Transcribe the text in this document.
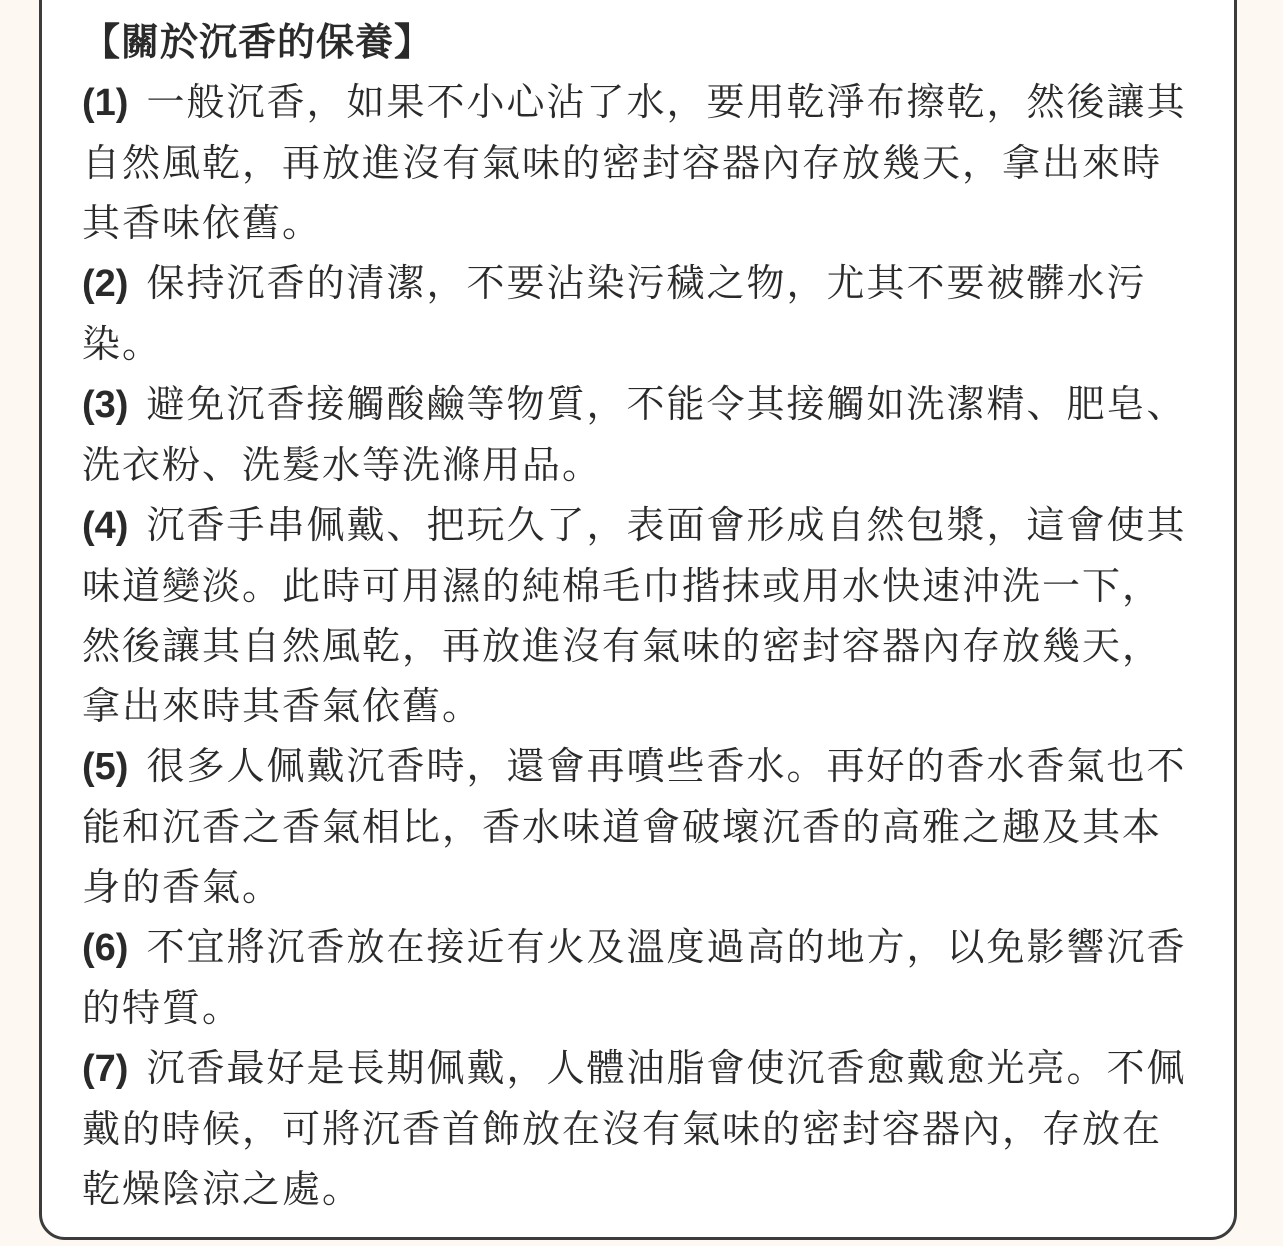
【關於沉香的保養】

(1) 一般沉香，如果不小心沾了水，要用乾淨布擦乾，然後讓其自然風乾，再放進沒有氣味的密封容器內存放幾天，拿出來時其香味依舊。

(2) 保持沉香的清潔，不要沾染污穢之物，尤其不要被髒水污染。

(3) 避免沉香接觸酸鹼等物質，不能令其接觸如洗潔精、肥皂、洗衣粉、洗髮水等洗滌用品。

(4) 沉香手串佩戴、把玩久了，表面會形成自然包漿，這會使其味道變淡。此時可用濕的純棉毛巾揩抹或用水快速沖洗一下，然後讓其自然風乾，再放進沒有氣味的密封容器內存放幾天，拿出來時其香氣依舊。

(5) 很多人佩戴沉香時，還會再噴些香水。再好的香水香氣也不能和沉香之香氣相比，香水味道會破壞沉香的高雅之趣及其本身的香氣。

(6) 不宜將沉香放在接近有火及溫度過高的地方，以免影響沉香的特質。

(7) 沉香最好是長期佩戴，人體油脂會使沉香愈戴愈光亮。不佩戴的時候，可將沉香首飾放在沒有氣味的密封容器內，存放在乾燥陰涼之處。
